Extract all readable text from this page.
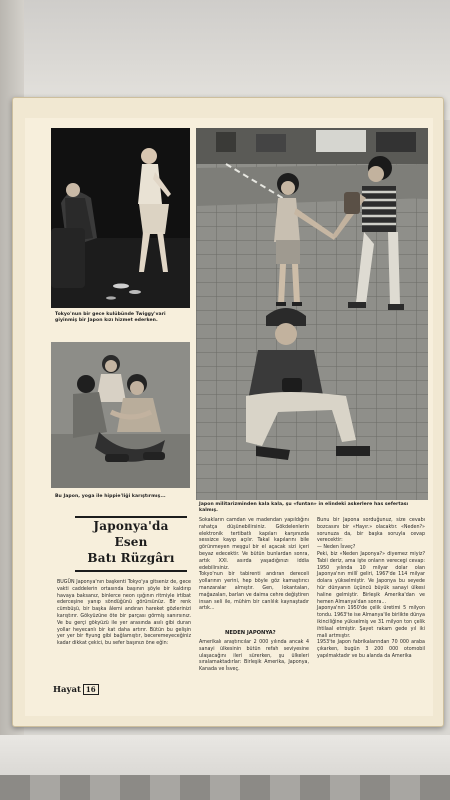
Tokyo'nun bir gece kulübünde Twiggy'vari giyinmiş bir Japon kızı hizmet ederken.
Bu Japon, yoga ile hippie'liği karıştırmış...
Japon militarizminden kala kala, şu «funtan» in elindeki askerlere has sefertası kalmış.
Japonya'da
Esen
Batı Rüzgârı
BUGÜN Japonya'nın başkenti Tokyo'ya gitseniz de, gece vakti caddelerin ortasında başının şöyle bir kaldırıp havaya baksanız, binlerce neon ışığının ritmiyle irtibat ederceşine yanıp söndüğünü görürsünüz. Bir renk cümbüşü, bir başka âlemi andıran hareket gözlerinizi karıştırır. Gökyüzüne öte bir parçası görmiş sanırsınız. Ve bu gerçi gökyüzü ile yer arasında asılı gibi duran yollar heyecanlı bir kat daha artırır. Bütün bu gelişin yer yer bir fiyung gibi bağlamıştır, beceremeyeceğiniz kadar dikkat çekici, bu sefer başınızı öne eğin:
Sokakların camdan ve madendan yapıldığını rahatça düşünebilirsiniz. Gökdelenlerin elektronik tertibatlı kapıları karşınızda sessizce kayıp açılır. Takal kapılarını bile görünmeyen meşgul bir el açacak sizi içeri beyaz edecektir. Ve bütün bunlardan sonra, artık XXI. asırda yaşadığınızı iddia edebilirsiniz.
Tokyo'nun bir tabirenti andıran dereceli yollarının yerini, hep böyle göz kamaştırıcı manzaralar almıştır. Gen, lokantaları, mağazaları, barları ve daima cehre değiştiren insan seli ile, mühim bir canlılık kaynaştadır artık...
NEDEN JAPONYA?
Amerikalı araştırıcılar 2 000 yılında ancak 4 sanayi ülkesinin bütün refah seviyesine ulaşacağını ileri sürerken, şu ülkeleri sıralamaktadırlar: Birleşik Amerika, Japonya, Kanada ve İsveç.
Bunu bir Japona sorduğunuz, size cevabı bozcasını bir «Hayır.» olacaktır. «Neden?» sorunuza da, bir başka soruyla cevap verecektir:
— Neden İsveç?
Peki, biz «Neden Japonya?» diyemez miyiz? Tabii deriz, ama işte onların verecegi cevap: 1950 yılında 10 milyar dolar olan Japonya'nın millî geliri, 1967'de 114 milyar dolara yükselmiştir. Ve Japonya bu seyede hür dünyanın üçüncü büyük sanayi ülkesi haline gelmiştir. Birleşik Amerika'dan ve hemen Almanya'dan sonra...
Japonya'nın 1950'de çelik üretimi 5 milyon tondu. 1963'te ise Almanya'ile birlikte dünya ikinciliğine yükselmiş ve 31 milyon ton çelik ihtilaal etmiştir. Şayet rakam gede yıl iki mali artmıştır.
1953'te Japon fabrikalarından 70 000 araba çıkarken, bugün 3 200 000 otomobil yapılmaktadır ve bu alanda da Amerika
Hayat 16
